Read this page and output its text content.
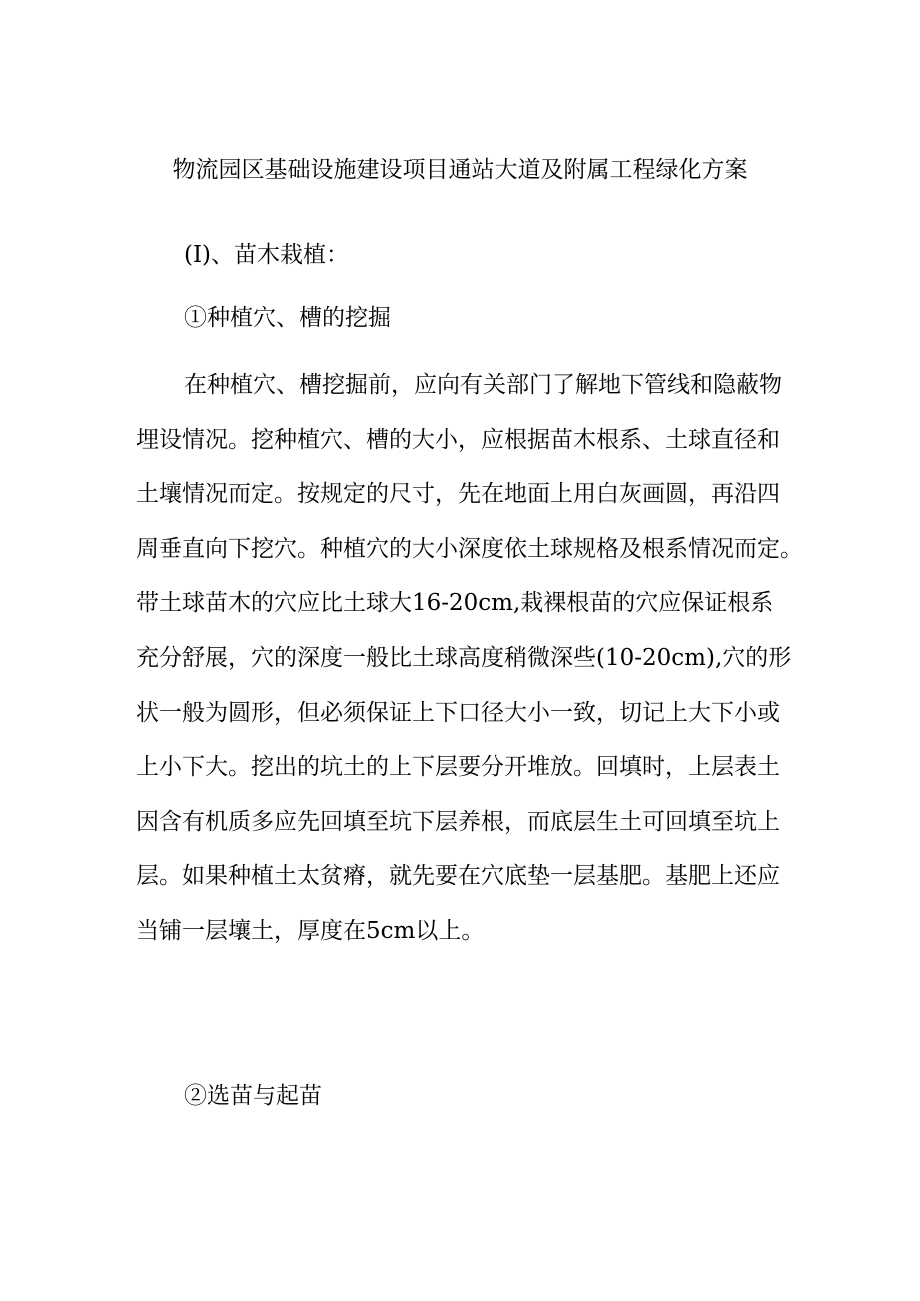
物流园区基础设施建设项目通站大道及附属工程绿化方案
(I)、苗木栽植：
①种植穴、槽的挖掘
在种植穴、槽挖掘前，应向有关部门了解地下管线和隐蔽物
埋设情况。挖种植穴、槽的大小，应根据苗木根系、土球直径和
土壤情况而定。按规定的尺寸，先在地面上用白灰画圆，再沿四
周垂直向下挖穴。种植穴的大小深度依土球规格及根系情况而定。
带土球苗木的穴应比土球大16-20cm,栽裸根苗的穴应保证根系
充分舒展，穴的深度一般比土球高度稍微深些(10-20cm),穴的形
状一般为圆形，但必须保证上下口径大小一致，切记上大下小或
上小下大。挖出的坑土的上下层要分开堆放。回填时，上层表土
因含有机质多应先回填至坑下层养根，而底层生土可回填至坑上
层。如果种植土太贫瘠，就先要在穴底垫一层基肥。基肥上还应
当铺一层壤土，厚度在5cm以上。
②选苗与起苗
